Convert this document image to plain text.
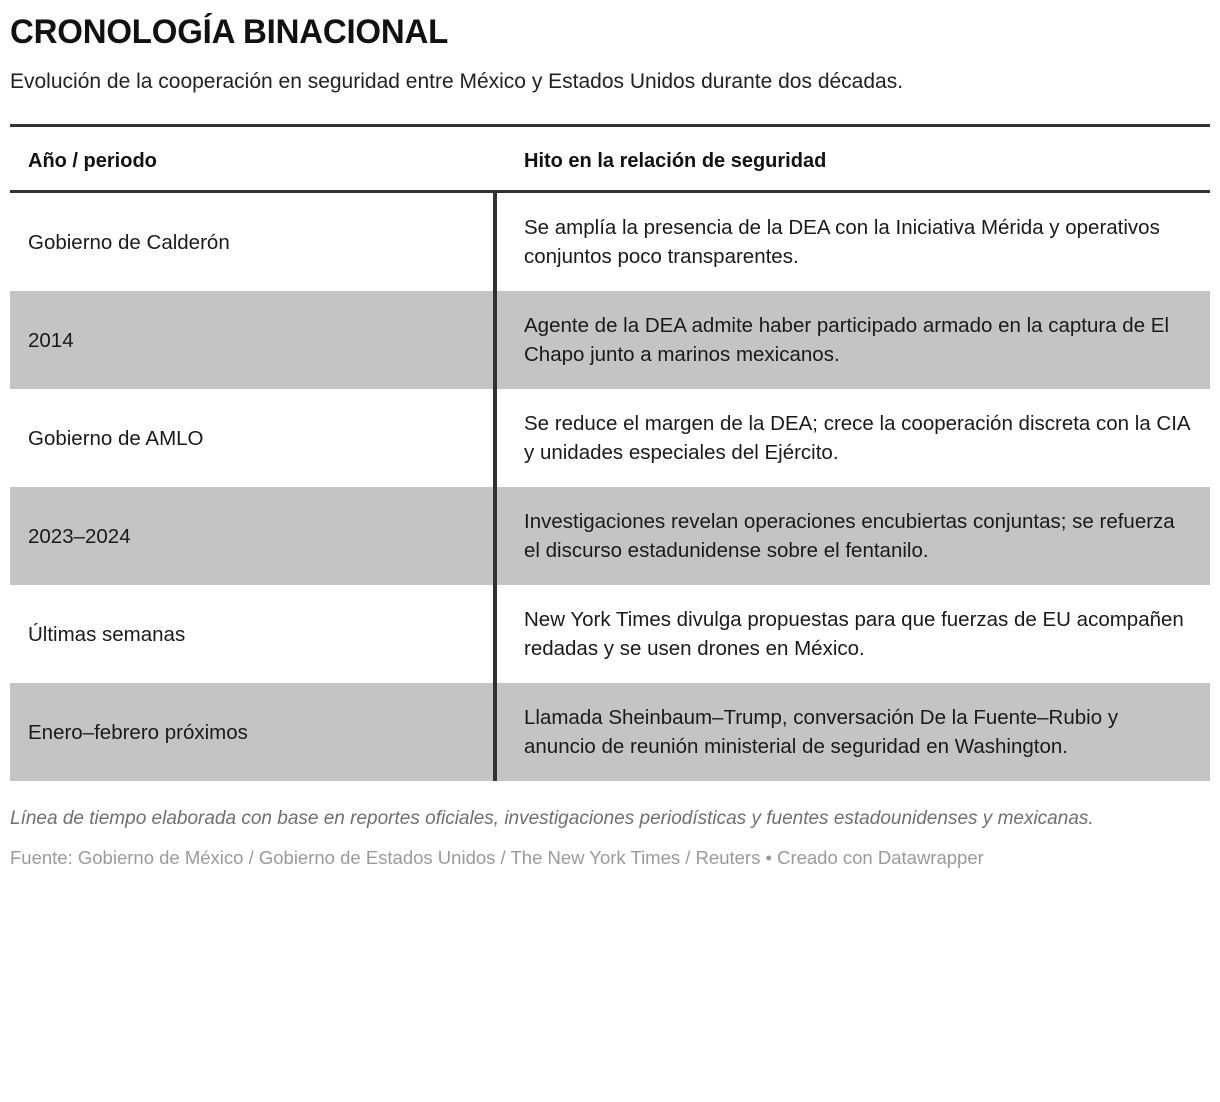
CRONOLOGÍA BINACIONAL

Evolución de la cooperación en seguridad entre México y Estados Unidos durante dos décadas.

Año / periodo	Hito en la relación de seguridad
Gobierno de Calderón	Se amplía la presencia de la DEA con la Iniciativa Mérida y operativos conjuntos poco transparentes.
2014	Agente de la DEA admite haber participado armado en la captura de El Chapo junto a marinos mexicanos.
Gobierno de AMLO	Se reduce el margen de la DEA; crece la cooperación discreta con la CIA y unidades especiales del Ejército.
2023–2024	Investigaciones revelan operaciones encubiertas conjuntas; se refuerza el discurso estadunidense sobre el fentanilo.
Últimas semanas	New York Times divulga propuestas para que fuerzas de EU acompañen redadas y se usen drones en México.
Enero–febrero próximos	Llamada Sheinbaum–Trump, conversación De la Fuente–Rubio y anuncio de reunión ministerial de seguridad en Washington.

Línea de tiempo elaborada con base en reportes oficiales, investigaciones periodísticas y fuentes estadounidenses y mexicanas.

Fuente: Gobierno de México / Gobierno de Estados Unidos / The New York Times / Reuters • Creado con Datawrapper
